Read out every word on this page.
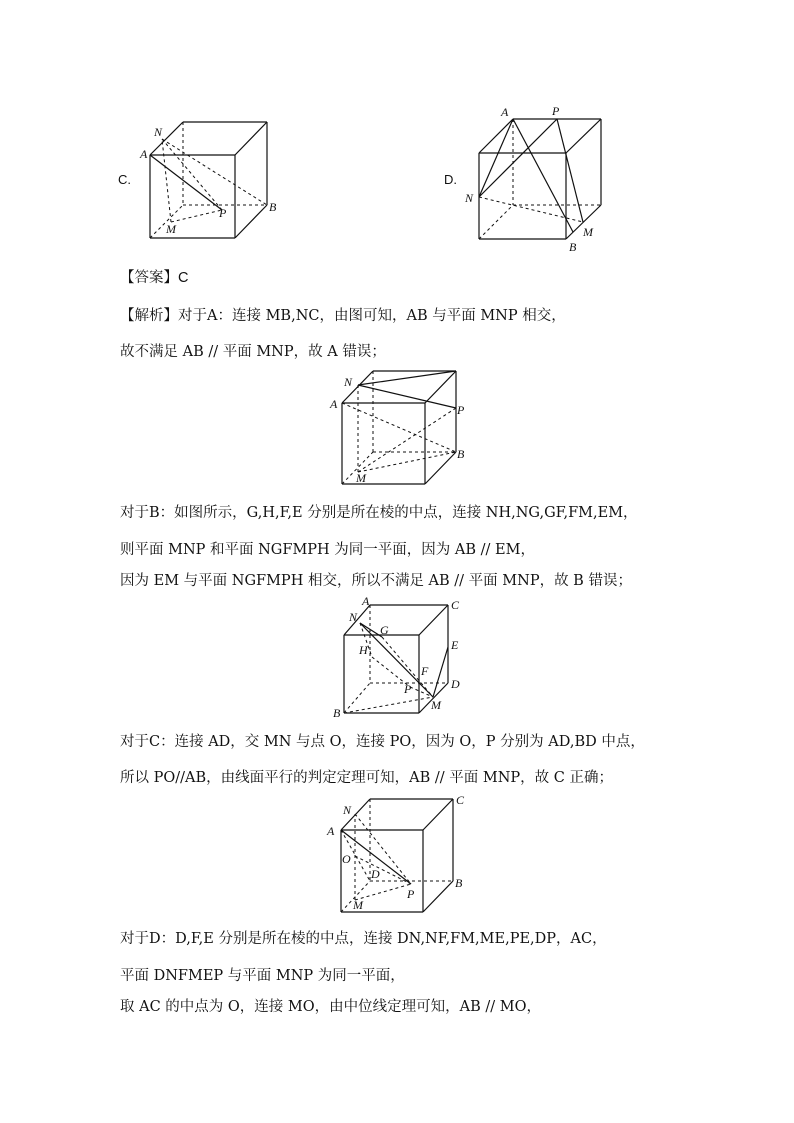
C.
N
A
P	B
M
D.
A	P
N
M
B
【答案】C
【解析】对于A：连接 MB,NC，由图可知，AB 与平面 MNP 相交，
故不满足 AB // 平面 MNP，故 A 错误；
N
A	P
B
M
对于B：如图所示，G,H,F,E 分别是所在棱的中点，连接 NH,NG,GF,FM,EM，
则平面 MNP 和平面 NGFMPH 为同一平面，因为 AB // EM，
因为 EM 与平面 NGFMPH 相交，所以不满足 AB // 平面 MNP，故 B 错误；
A	C
N
G
H	E
F
P	D
B
M
对于C：连接 AD，交 MN 与点 O，连接 PO，因为 O，P 分别为 AD,BD 中点，
所以 PO//AB，由线面平行的判定定理可知，AB // 平面 MNP，故 C 正确；
N
C
A
O
D
P
B
M
对于D：D,F,E 分别是所在棱的中点，连接 DN,NF,FM,ME,PE,DP，AC，
平面 DNFMEP 与平面 MNP 为同一平面，
取 AC 的中点为 O，连接 MO，由中位线定理可知，AB // MO，
